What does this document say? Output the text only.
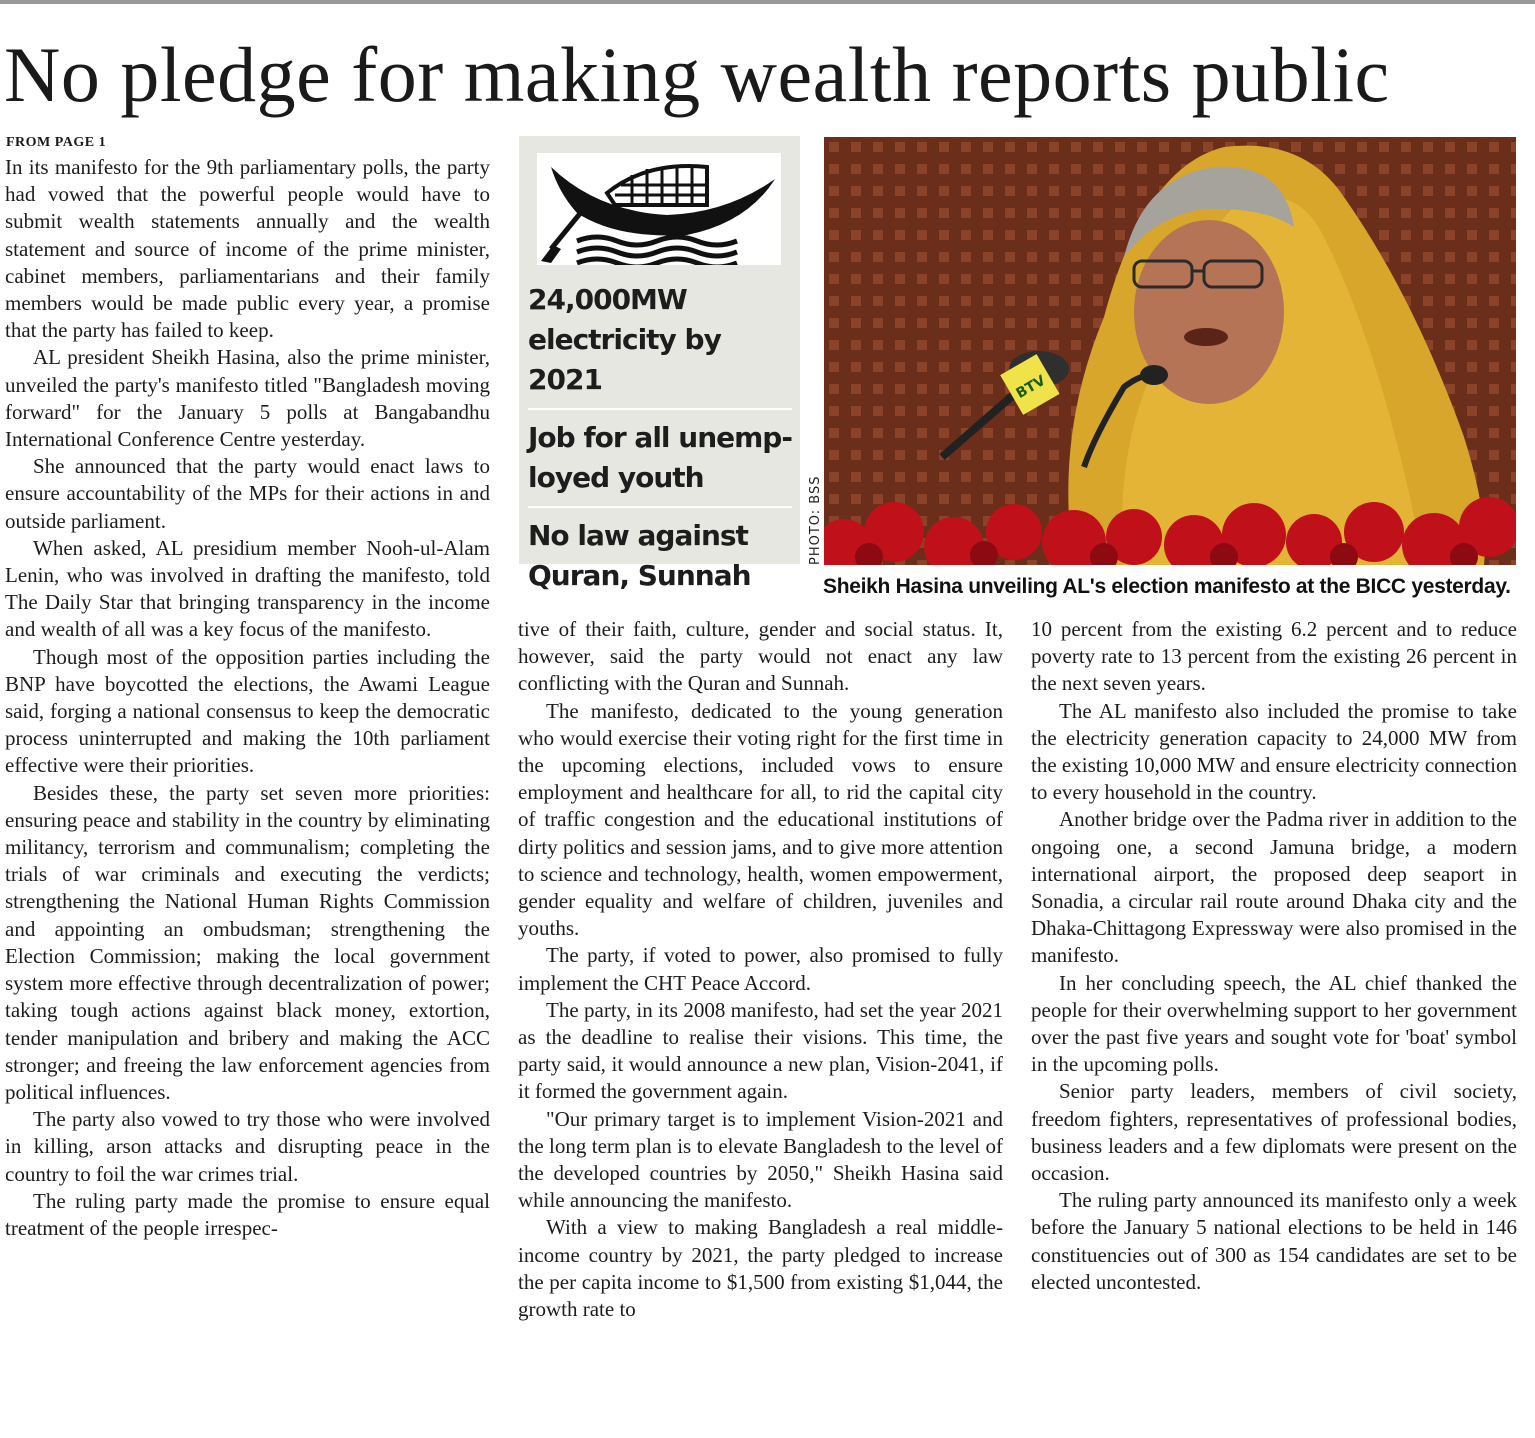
No pledge for making wealth reports public
FROM PAGE 1

In its manifesto for the 9th parliamentary polls, the party had vowed that the powerful people would have to submit wealth statements annually and the wealth statement and source of income of the prime minister, cabinet members, parliamentarians and their family members would be made public every year, a promise that the party has failed to keep.

AL president Sheikh Hasina, also the prime minister, unveiled the party's manifesto titled "Bangladesh moving forward" for the January 5 polls at Bangabandhu International Conference Centre yesterday.

She announced that the party would enact laws to ensure accountability of the MPs for their actions in and outside parliament.

When asked, AL presidium member Nooh-ul-Alam Lenin, who was involved in drafting the manifesto, told The Daily Star that bringing transparency in the income and wealth of all was a key focus of the manifesto.

Though most of the opposition parties including the BNP have boycotted the elections, the Awami League said, forging a national consensus to keep the democratic process uninterrupted and making the 10th parliament effective were their priorities.

Besides these, the party set seven more priorities: ensuring peace and stability in the country by eliminating militancy, terrorism and communalism; completing the trials of war criminals and executing the verdicts; strengthening the National Human Rights Commission and appointing an ombudsman; strengthening the Election Commission; making the local government system more effective through decentralization of power; taking tough actions against black money, extortion, tender manipulation and bribery and making the ACC stronger; and freeing the law enforcement agencies from political influences.

The party also vowed to try those who were involved in killing, arson attacks and disrupting peace in the country to foil the war crimes trial.

The ruling party made the promise to ensure equal treatment of the people irrespec-

24,000MW electricity by 2021
Job for all unemp-loyed youth
No law against Quran, Sunnah
PHOTO: BSS
BTV
Sheikh Hasina unveiling AL's election manifesto at the BICC yesterday.

tive of their faith, culture, gender and social status. It, however, said the party would not enact any law conflicting with the Quran and Sunnah.

The manifesto, dedicated to the young generation who would exercise their voting right for the first time in the upcoming elections, included vows to ensure employment and healthcare for all, to rid the capital city of traffic congestion and the educational institutions of dirty politics and session jams, and to give more attention to science and technology, health, women empowerment, gender equality and welfare of children, juveniles and youths.

The party, if voted to power, also promised to fully implement the CHT Peace Accord.

The party, in its 2008 manifesto, had set the year 2021 as the deadline to realise their visions. This time, the party said, it would announce a new plan, Vision-2041, if it formed the government again.

"Our primary target is to implement Vision-2021 and the long term plan is to elevate Bangladesh to the level of the developed countries by 2050," Sheikh Hasina said while announcing the manifesto.

With a view to making Bangladesh a real middle-income country by 2021, the party pledged to increase the per capita income to $1,500 from existing $1,044, the growth rate to

10 percent from the existing 6.2 percent and to reduce poverty rate to 13 percent from the existing 26 percent in the next seven years.

The AL manifesto also included the promise to take the electricity generation capacity to 24,000 MW from the existing 10,000 MW and ensure electricity connection to every household in the country.

Another bridge over the Padma river in addition to the ongoing one, a second Jamuna bridge, a modern international airport, the proposed deep seaport in Sonadia, a circular rail route around Dhaka city and the Dhaka-Chittagong Expressway were also promised in the manifesto.

In her concluding speech, the AL chief thanked the people for their overwhelming support to her government over the past five years and sought vote for 'boat' symbol in the upcoming polls.

Senior party leaders, members of civil society, freedom fighters, representatives of professional bodies, business leaders and a few diplomats were present on the occasion.

The ruling party announced its manifesto only a week before the January 5 national elections to be held in 146 constituencies out of 300 as 154 candidates are set to be elected uncontested.
